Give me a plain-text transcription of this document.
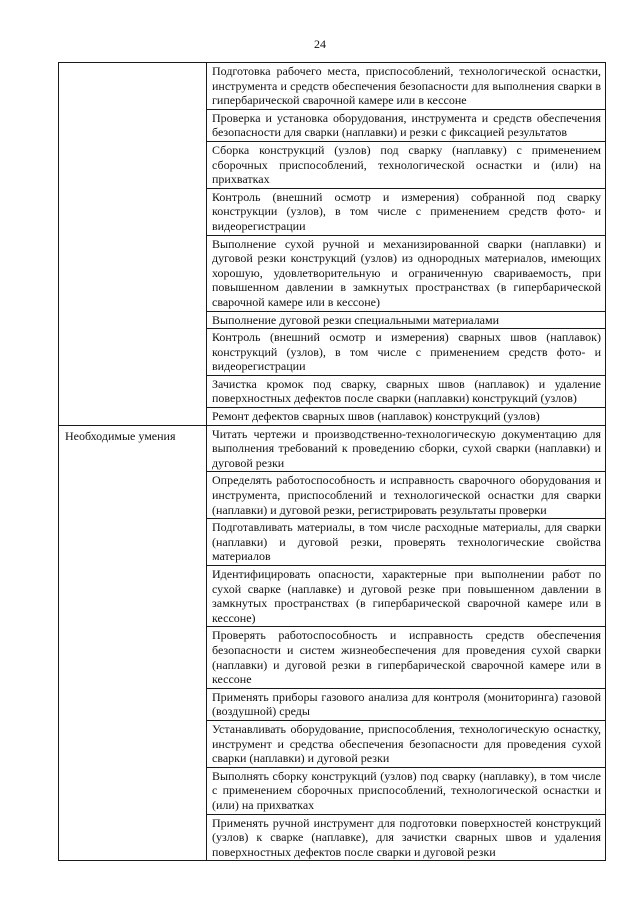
24
	Подготовка рабочего места, приспособлений, технологической оснастки, инструмента и средств обеспечения безопасности для выполнения сварки в гипербарической сварочной камере или в кессоне
	Проверка и установка оборудования, инструмента и средств обеспечения безопасности для сварки (наплавки) и резки с фиксацией результатов
	Сборка конструкций (узлов) под сварку (наплавку) с применением сборочных приспособлений, технологической оснастки и (или) на прихватках
	Контроль (внешний осмотр и измерения) собранной под сварку конструкции (узлов), в том числе с применением средств фото- и видеорегистрации
	Выполнение сухой ручной и механизированной сварки (наплавки) и дуговой резки конструкций (узлов) из однородных материалов, имеющих хорошую, удовлетворительную и ограниченную свариваемость, при повышенном давлении в замкнутых пространствах (в гипербарической сварочной камере или в кессоне)
	Выполнение дуговой резки специальными материалами
	Контроль (внешний осмотр и измерения) сварных швов (наплавок) конструкций (узлов), в том числе с применением средств фото- и видеорегистрации
	Зачистка кромок под сварку, сварных швов (наплавок) и удаление поверхностных дефектов после сварки (наплавки) конструкций (узлов)
	Ремонт дефектов сварных швов (наплавок) конструкций (узлов)
Необходимые умения	Читать чертежи и производственно-технологическую документацию для выполнения требований к проведению сборки, сухой сварки (наплавки) и дуговой резки
	Определять работоспособность и исправность сварочного оборудования и инструмента, приспособлений и технологической оснастки для сварки (наплавки) и дуговой резки, регистрировать результаты проверки
	Подготавливать материалы, в том числе расходные материалы, для сварки (наплавки) и дуговой резки, проверять технологические свойства материалов
	Идентифицировать опасности, характерные при выполнении работ по сухой сварке (наплавке) и дуговой резке при повышенном давлении в замкнутых пространствах (в гипербарической сварочной камере или в кессоне)
	Проверять работоспособность и исправность средств обеспечения безопасности и систем жизнеобеспечения для проведения сухой сварки (наплавки) и дуговой резки в гипербарической сварочной камере или в кессоне
	Применять приборы газового анализа для контроля (мониторинга) газовой (воздушной) среды
	Устанавливать оборудование, приспособления, технологическую оснастку, инструмент и средства обеспечения безопасности для проведения сухой сварки (наплавки) и дуговой резки
	Выполнять сборку конструкций (узлов) под сварку (наплавку), в том числе с применением сборочных приспособлений, технологической оснастки и (или) на прихватках
	Применять ручной инструмент для подготовки поверхностей конструкций (узлов) к сварке (наплавке), для зачистки сварных швов и удаления поверхностных дефектов после сварки и дуговой резки
